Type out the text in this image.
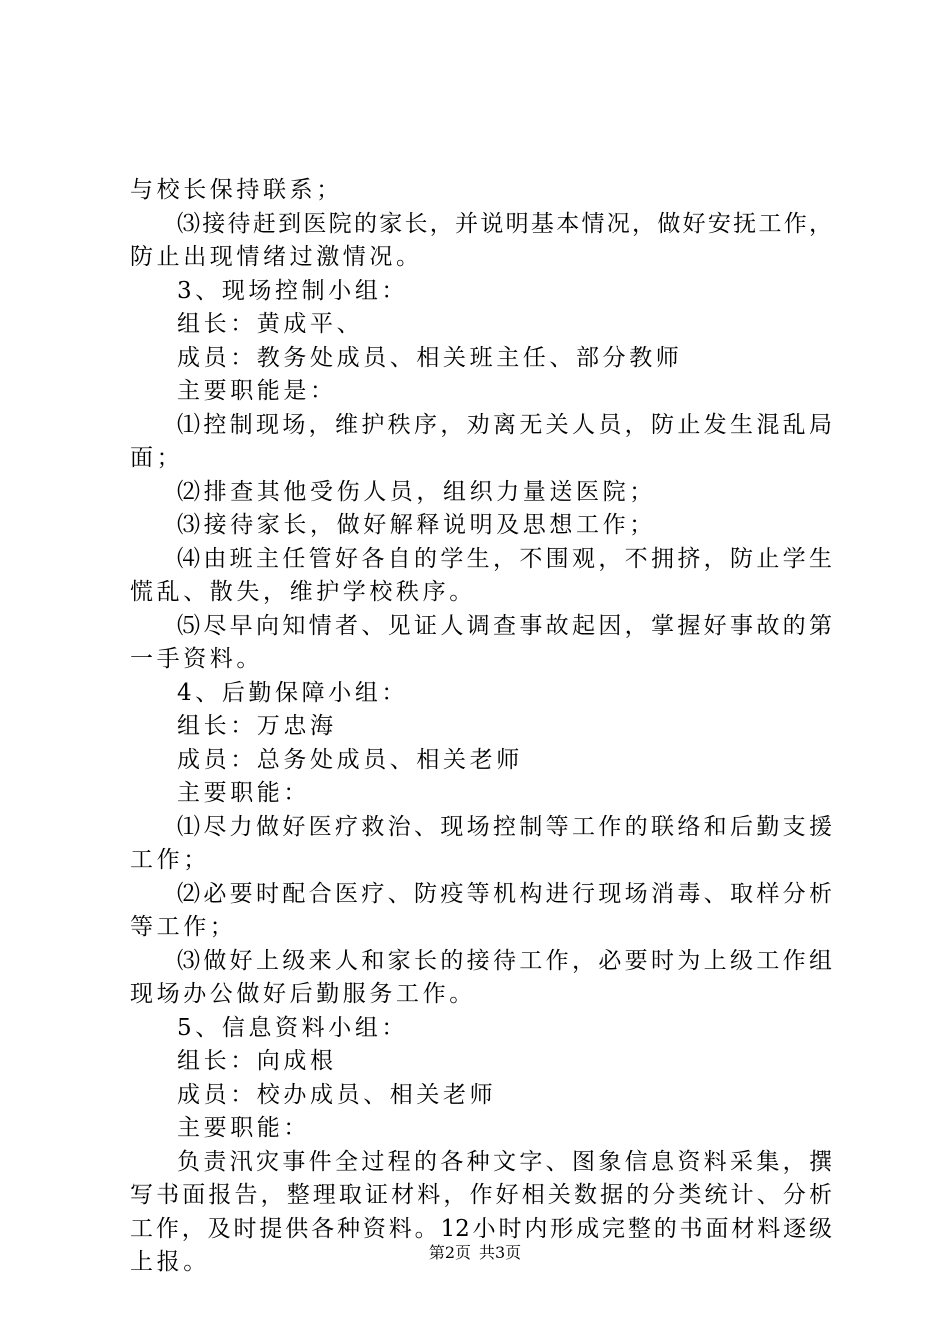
与校长保持联系；
⑶接待赶到医院的家长，并说明基本情况，做好安抚工作，
防止出现情绪过激情况。
3、现场控制小组：
组长：黄成平、
成员：教务处成员、相关班主任、部分教师
主要职能是：
⑴控制现场，维护秩序，劝离无关人员，防止发生混乱局
面；
⑵排查其他受伤人员，组织力量送医院；
⑶接待家长，做好解释说明及思想工作；
⑷由班主任管好各自的学生，不围观，不拥挤，防止学生
慌乱、散失，维护学校秩序。
⑸尽早向知情者、见证人调查事故起因，掌握好事故的第
一手资料。
4、后勤保障小组：
组长：万忠海
成员：总务处成员、相关老师
主要职能：
⑴尽力做好医疗救治、现场控制等工作的联络和后勤支援
工作；
⑵必要时配合医疗、防疫等机构进行现场消毒、取样分析
等工作；
⑶做好上级来人和家长的接待工作，必要时为上级工作组
现场办公做好后勤服务工作。
5、信息资料小组：
组长：向成根
成员：校办成员、相关老师
主要职能：
负责汛灾事件全过程的各种文字、图象信息资料采集，撰
写书面报告，整理取证材料，作好相关数据的分类统计、分析
工作，及时提供各种资料。12小时内形成完整的书面材料逐级
上报。	第2页 共3页
